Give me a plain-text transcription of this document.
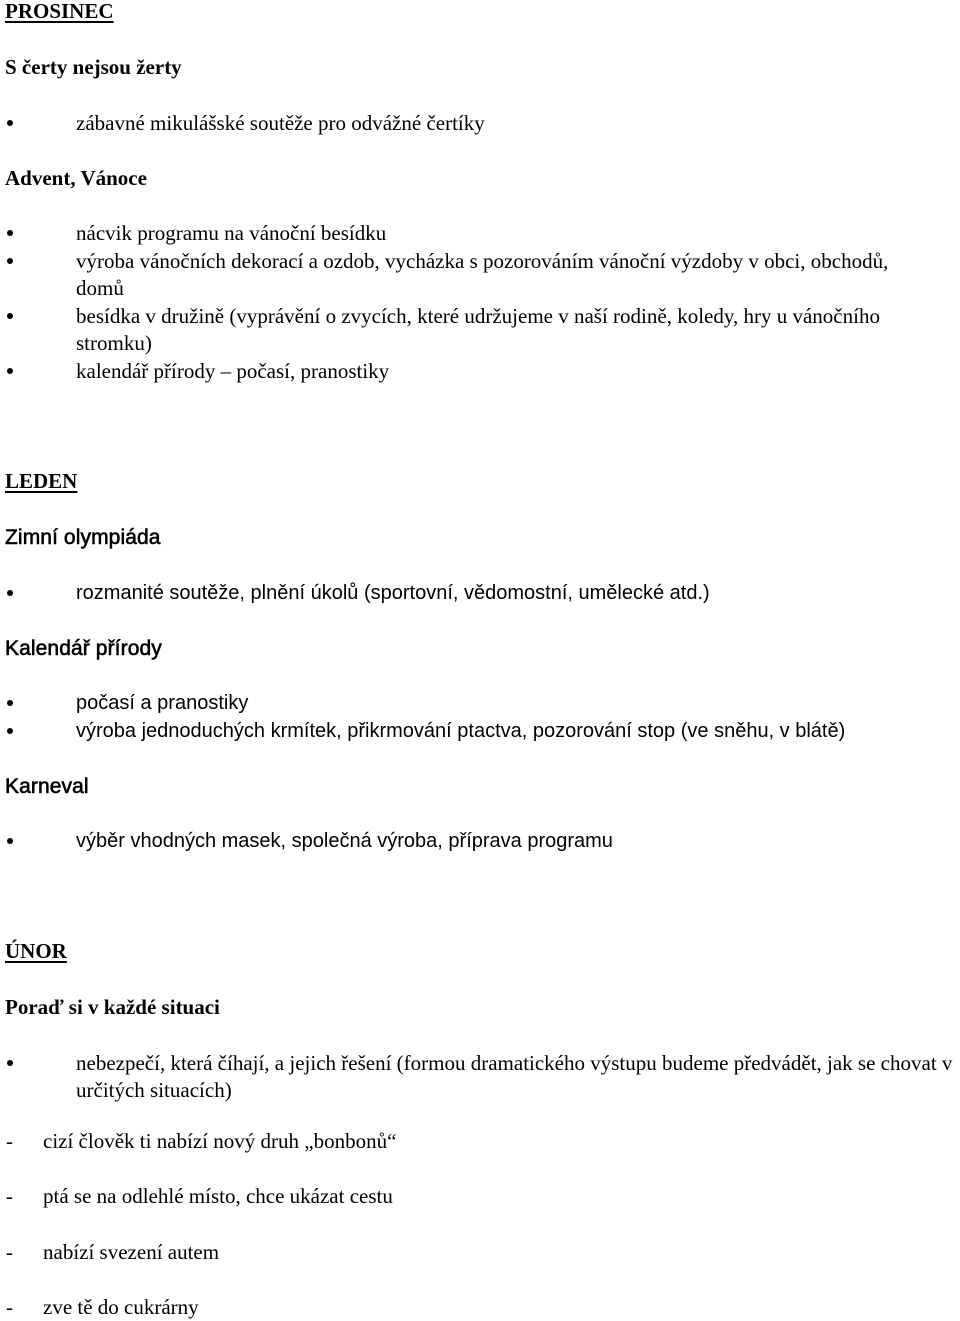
PROSINEC
S čerty nejsou žerty
zábavné mikulášské soutěže pro odvážné čertíky
Advent, Vánoce
nácvik programu na vánoční besídku
výroba vánočních dekorací a ozdob, vycházka s pozorováním vánoční výzdoby v obci, obchodů, domů
besídka v družině (vyprávění o zvycích, které udržujeme v naší rodině, koledy, hry u vánočního stromku)
kalendář přírody – počasí, pranostiky
LEDEN
Zimní olympiáda
rozmanité soutěže, plnění úkolů (sportovní, vědomostní, umělecké atd.)
Kalendář přírody
počasí a pranostiky
výroba jednoduchých krmítek, přikrmování ptactva, pozorování stop (ve sněhu, v blátě)
Karneval
výběr vhodných masek, společná výroba, příprava programu
ÚNOR
Poraď si v každé situaci
nebezpečí, která číhají, a jejich řešení (formou dramatického výstupu budeme předvádět, jak se chovat v určitých situacích)
- cizí člověk ti nabízí nový druh „bonbonů“
- ptá se na odlehlé místo, chce ukázat cestu
- nabízí svezení autem
- zve tě do cukrárny
